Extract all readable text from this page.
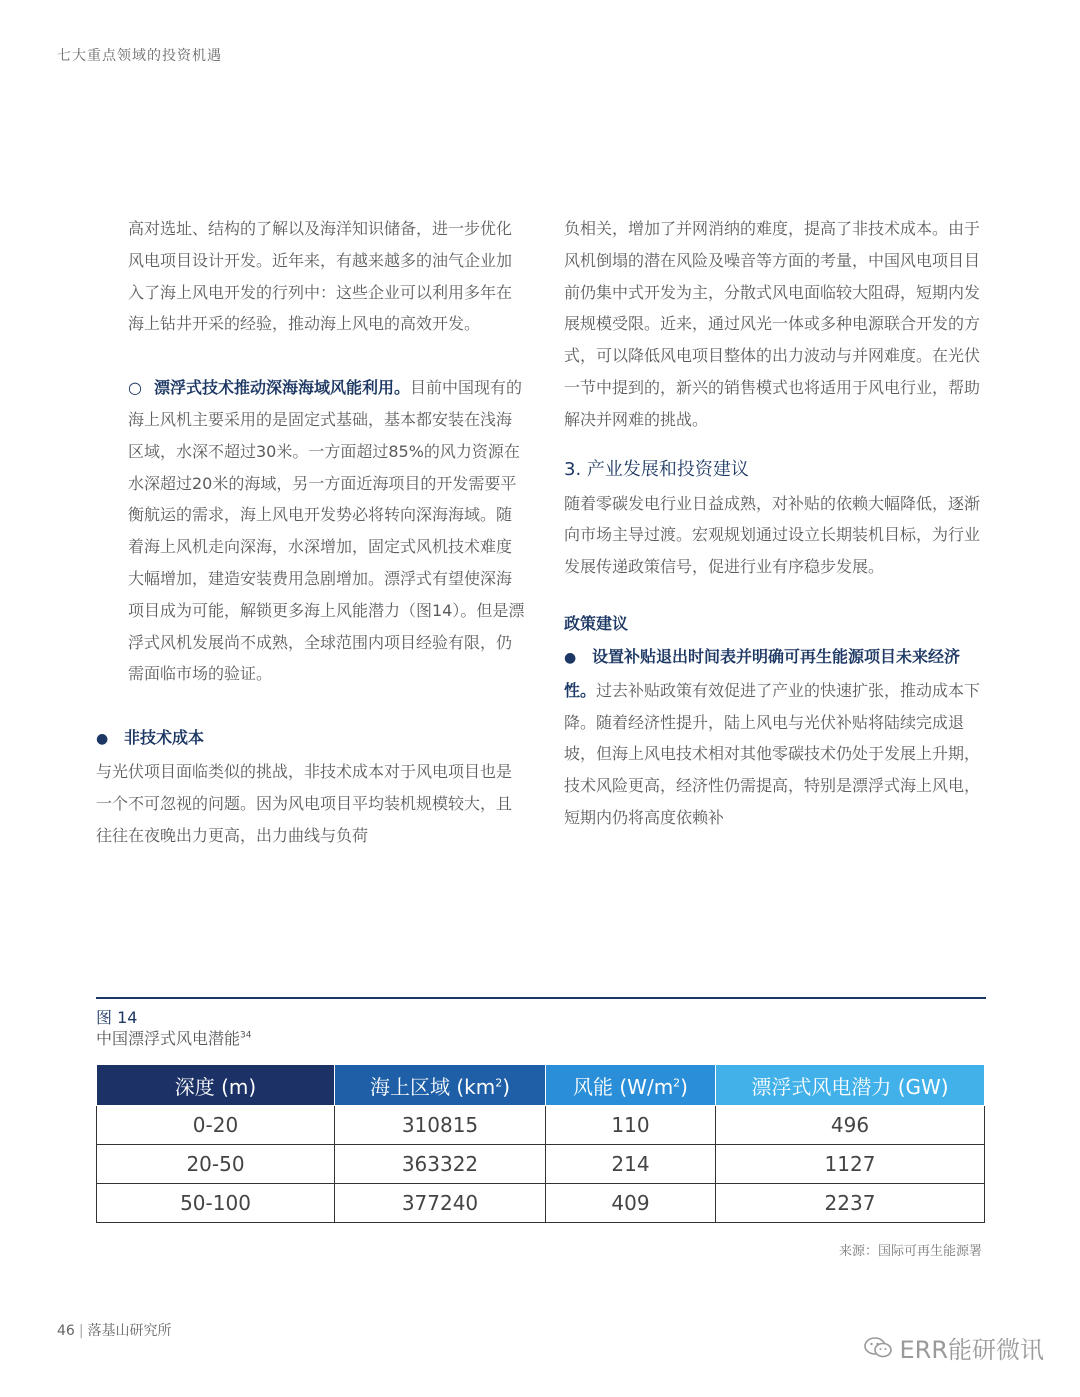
七大重点领域的投资机遇

高对选址、结构的了解以及海洋知识储备，进一步优化风电项目设计开发。近年来，有越来越多的油气企业加入了海上风电开发的行列中：这些企业可以利用多年在海上钻井开采的经验，推动海上风电的高效开发。

○ 漂浮式技术推动深海海域风能利用。目前中国现有的海上风机主要采用的是固定式基础，基本都安装在浅海区域，水深不超过30米。一方面超过85%的风力资源在水深超过20米的海域，另一方面近海项目的开发需要平衡航运的需求，海上风电开发势必将转向深海海域。随着海上风机走向深海，水深增加，固定式风机技术难度大幅增加，建造安装费用急剧增加。漂浮式有望使深海项目成为可能，解锁更多海上风能潜力（图14）。但是漂浮式风机发展尚不成熟，全球范围内项目经验有限，仍需面临市场的验证。

● 非技术成本

与光伏项目面临类似的挑战，非技术成本对于风电项目也是一个不可忽视的问题。因为风电项目平均装机规模较大，且往往在夜晚出力更高，出力曲线与负荷

负相关，增加了并网消纳的难度，提高了非技术成本。由于风机倒塌的潜在风险及噪音等方面的考量，中国风电项目目前仍集中式开发为主，分散式风电面临较大阻碍，短期内发展规模受限。近来，通过风光一体或多种电源联合开发的方式，可以降低风电项目整体的出力波动与并网难度。在光伏一节中提到的，新兴的销售模式也将适用于风电行业，帮助解决并网难的挑战。

3. 产业发展和投资建议

随着零碳发电行业日益成熟，对补贴的依赖大幅降低，逐渐向市场主导过渡。宏观规划通过设立长期装机目标，为行业发展传递政策信号，促进行业有序稳步发展。

政策建议

● 设置补贴退出时间表并明确可再生能源项目未来经济性。过去补贴政策有效促进了产业的快速扩张，推动成本下降。随着经济性提升，陆上风电与光伏补贴将陆续完成退坡，但海上风电技术相对其他零碳技术仍处于发展上升期，技术风险更高，经济性仍需提高，特别是漂浮式海上风电，短期内仍将高度依赖补

图 14
中国漂浮式风电潜能$^{34}$
深度 (m)	海上区域 $(km^2)$	风能 $(W/m^2)$	漂浮式风电潜力 (GW)
0-20	310815	110	496
20-50	363322	214	1127
50-100	377240	409	2237
来源：国际可再生能源署
46 | 落基山研究所
ERR能研微讯
